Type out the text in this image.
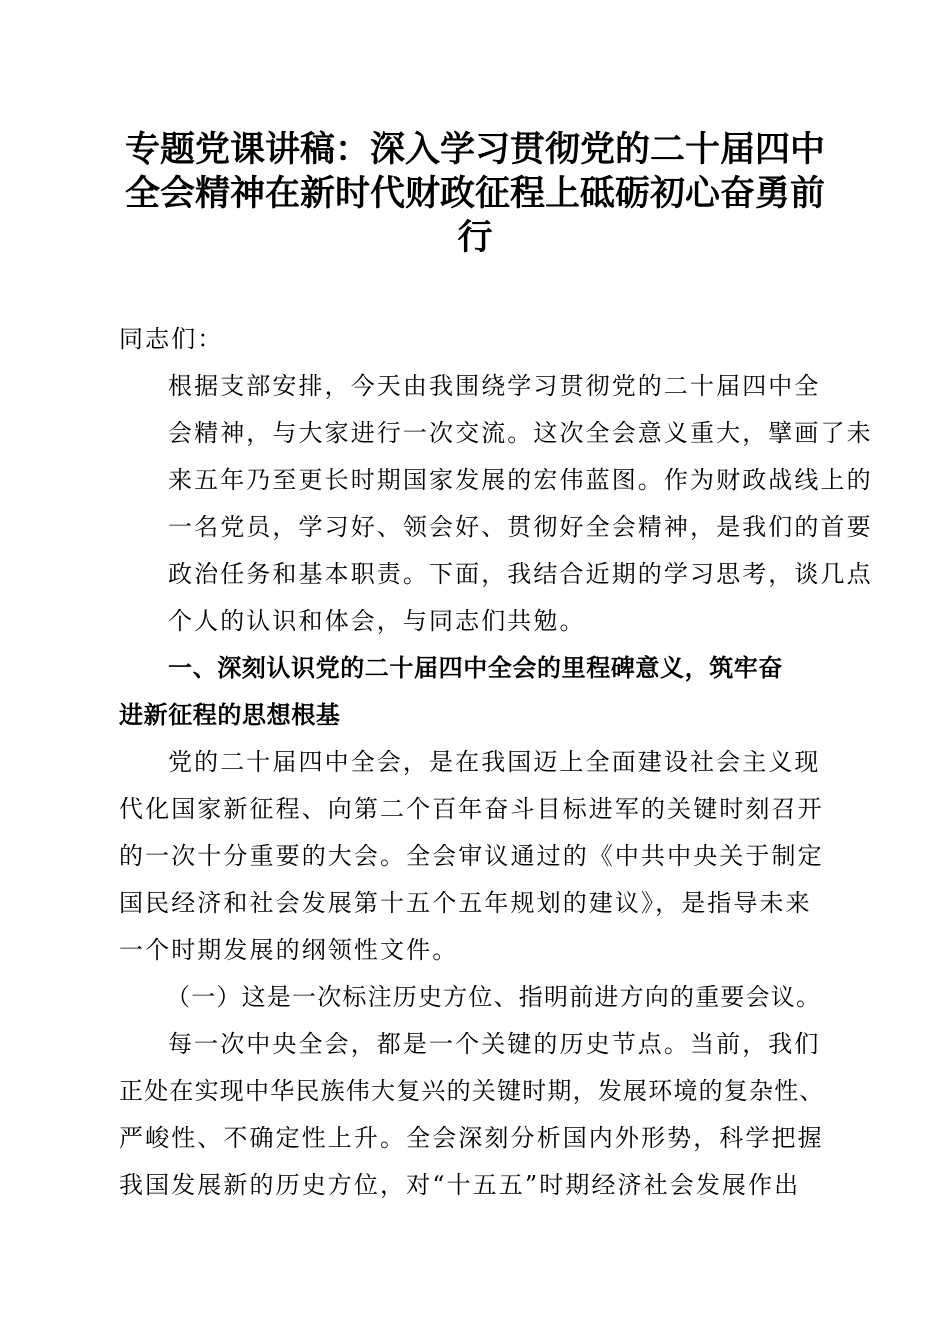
专题党课讲稿：深入学习贯彻党的二十届四中
全会精神在新时代财政征程上砥砺初心奋勇前
行

同志们：

根据支部安排，今天由我围绕学习贯彻党的二十届四中全
会精神，与大家进行一次交流。这次全会意义重大，擘画了未
来五年乃至更长时期国家发展的宏伟蓝图。作为财政战线上的
一名党员，学习好、领会好、贯彻好全会精神，是我们的首要
政治任务和基本职责。下面，我结合近期的学习思考，谈几点
个人的认识和体会，与同志们共勉。

一、深刻认识党的二十届四中全会的里程碑意义，筑牢奋
进新征程的思想根基

党的二十届四中全会，是在我国迈上全面建设社会主义现
代化国家新征程、向第二个百年奋斗目标进军的关键时刻召开
的一次十分重要的大会。全会审议通过的《中共中央关于制定
国民经济和社会发展第十五个五年规划的建议》，是指导未来
一个时期发展的纲领性文件。

（一）这是一次标注历史方位、指明前进方向的重要会议。

每一次中央全会，都是一个关键的历史节点。当前，我们
正处在实现中华民族伟大复兴的关键时期，发展环境的复杂性、
严峻性、不确定性上升。全会深刻分析国内外形势，科学把握
我国发展新的历史方位，对“十五五”时期经济社会发展作出
